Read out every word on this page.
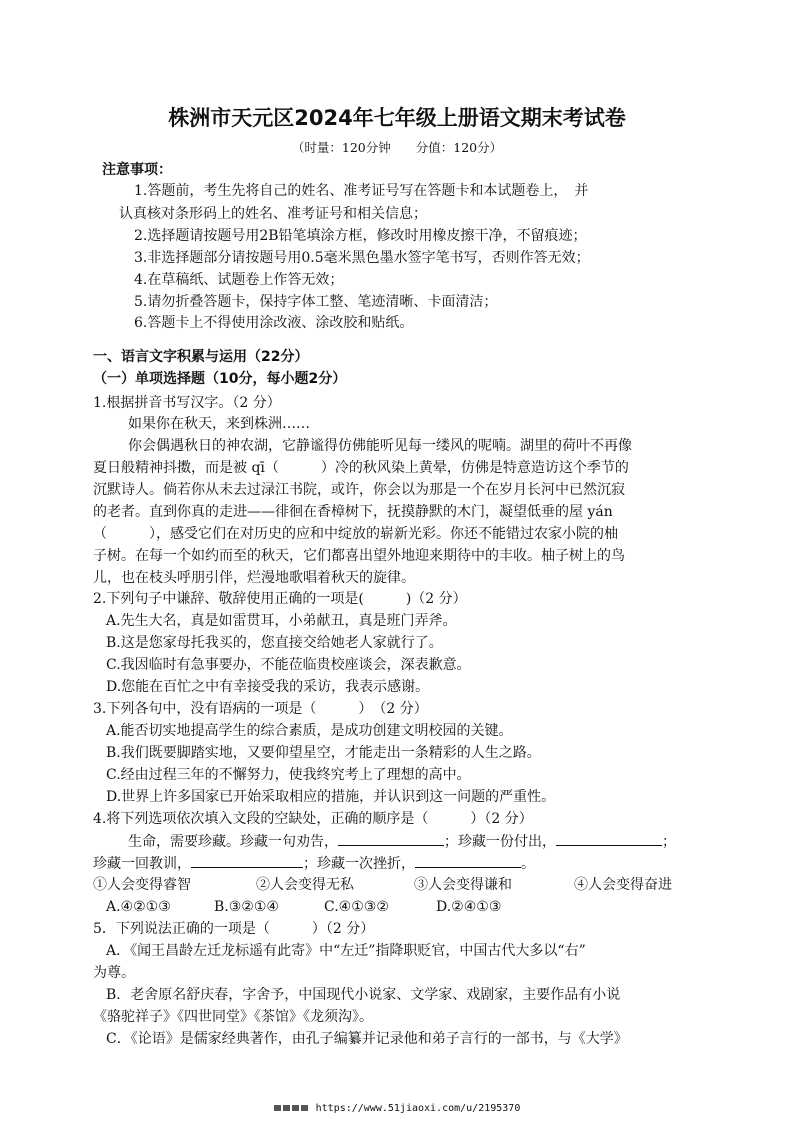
株洲市天元区2024年七年级上册语文期末考试卷
（时量：120分钟　　分值：120分）
注意事项：
1.答题前，考生先将自己的姓名、准考证号写在答题卡和本试题卷上，　并
认真核对条形码上的姓名、准考证号和相关信息；
2.选择题请按题号用2B铅笔填涂方框，修改时用橡皮擦干净，不留痕迹；
3.非选择题部分请按题号用0.5毫米黑色墨水签字笔书写，否则作答无效；
4.在草稿纸、试题卷上作答无效；
5.请勿折叠答题卡，保持字体工整、笔迹清晰、卡面清洁；
6.答题卡上不得使用涂改液、涂改胶和贴纸。
一、语言文字积累与运用（22分）
（一）单项选择题（10分，每小题2分）
1.根据拼音书写汉字。（2 分）
如果你在秋天，来到株洲……
你会偶遇秋日的神农湖，它静谧得仿佛能听见每一缕风的呢喃。湖里的荷叶不再像
夏日般精神抖擞，而是被 qī（　　　）冷的秋风染上黄晕，仿佛是特意造访这个季节的
沉默诗人。倘若你从未去过渌江书院，或许，你会以为那是一个在岁月长河中已然沉寂
的老者。直到你真的走进——徘徊在香樟树下，抚摸静默的木门，凝望低垂的屋 yán
（　　　），感受它们在对历史的应和中绽放的崭新光彩。你还不能错过农家小院的柚
子树。在每一个如约而至的秋天，它们都喜出望外地迎来期待中的丰收。柚子树上的鸟
儿，也在枝头呼朋引伴，烂漫地歌唱着秋天的旋律。
2.下列句子中谦辞、敬辞使用正确的一项是(　　　)（2 分）
A.先生大名，真是如雷贯耳，小弟献丑，真是班门弄斧。
B.这是您家母托我买的，您直接交给她老人家就行了。
C.我因临时有急事要办，不能莅临贵校座谈会，深表歉意。
D.您能在百忙之中有幸接受我的采访，我表示感谢。
3.下列各句中，没有语病的一项是（　　　）　（2 分）
A.能否切实地提高学生的综合素质，是成功创建文明校园的关键。
B.我们既要脚踏实地，又要仰望星空，才能走出一条精彩的人生之路。
C.经由过程三年的不懈努力，使我终究考上了理想的高中。
D.世界上许多国家已开始采取相应的措施，并认识到这一问题的严重性。
4.将下列选项依次填入文段的空缺处，正确的顺序是（　　　）（2 分）
生命，需要珍藏。珍藏一句劝告，	；珍藏一份付出，	；
珍藏一回教训，	；珍藏一次挫折，	。
①人会变得睿智	②人会变得无私	③人会变得谦和	④人会变得奋进
A.④②①③	B.③②①④	C.④①③②	D.②④①③
5．下列说法正确的一项是（　　　）（2 分）
A．《闻王昌龄左迁龙标遥有此寄》中“左迁”指降职贬官，中国古代大多以“右”
为尊。
B．老舍原名舒庆春，字舍予，中国现代小说家、文学家、戏剧家，主要作品有小说
《骆驼祥子》《四世同堂》《茶馆》《龙须沟》。
C．《论语》是儒家经典著作，由孔子编纂并记录他和弟子言行的一部书，与《大学》
https://www.51jiaoxi.com/u/2195370
